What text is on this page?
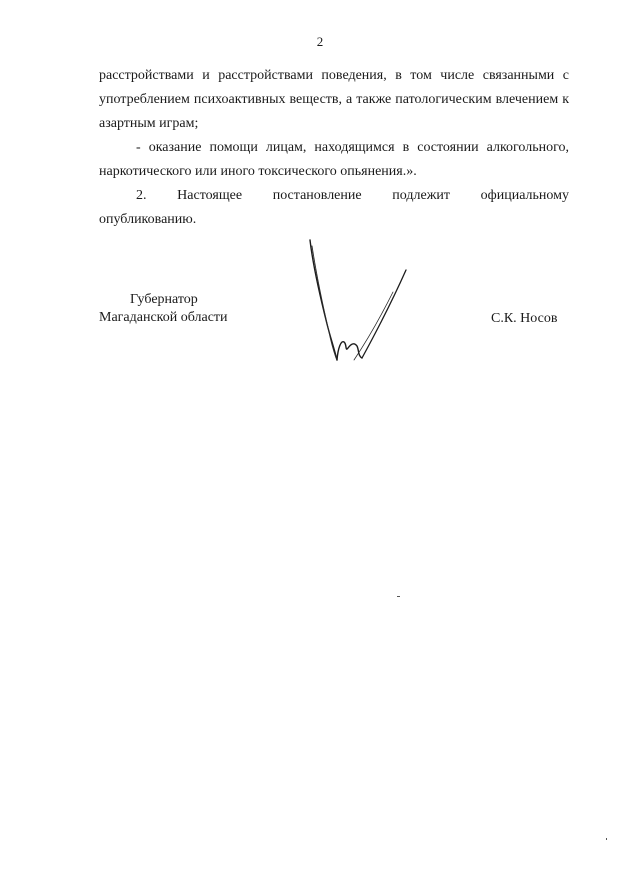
2

расстройствами и расстройствами поведения, в том числе связанными с употреблением психоактивных веществ, а также патологическим влечением к азартным играм;

- оказание помощи лицам, находящимся в состоянии алкогольного, наркотического или иного токсического опьянения.».

2. Настоящее постановление подлежит официальному

опубликованию.

Губернатор
Магаданской области	С.К. Носов
